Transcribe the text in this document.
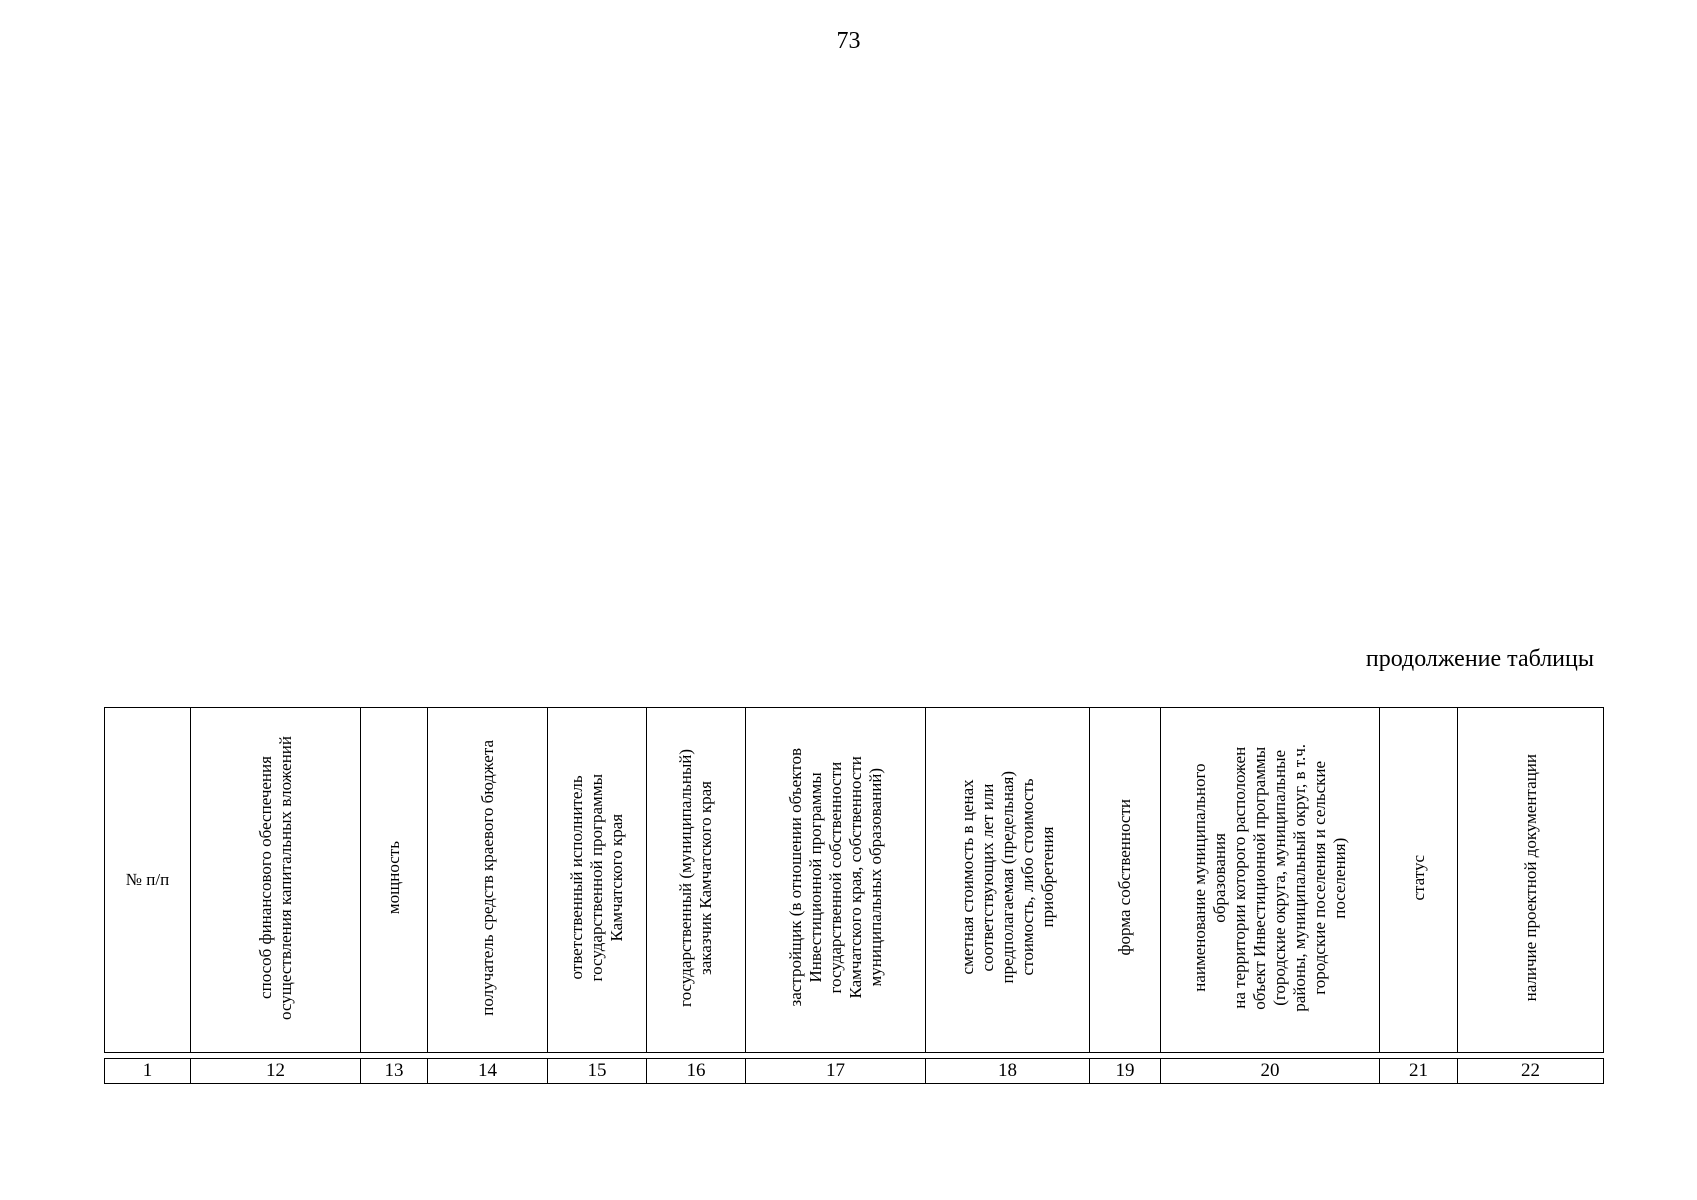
73
продолжение таблицы
№ п/п	способ финансового обеспечения
осуществления капитальных вложений	мощность	получатель средств краевого бюджета	ответственный исполнитель
государственной программы
Камчатского края	государственный (муниципальный)
заказчик Камчатского края	застройщик (в отношении объектов
Инвестиционной программы
государственной собственности
Камчатского края, собственности
муниципальных образований)	сметная стоимость в ценах
соответствующих лет или
предполагаемая (предельная)
стоимость, либо стоимость
приобретения	форма собственности	наименование муниципального
образования
на территории которого расположен
объект Инвестиционной программы
(городские округа, муниципальные
районы, муниципальный округ, в т.ч.
городские поселения и сельские
поселения)	статус	наличие проектной документации
1	12	13	14	15	16	17	18	19	20	21	22
